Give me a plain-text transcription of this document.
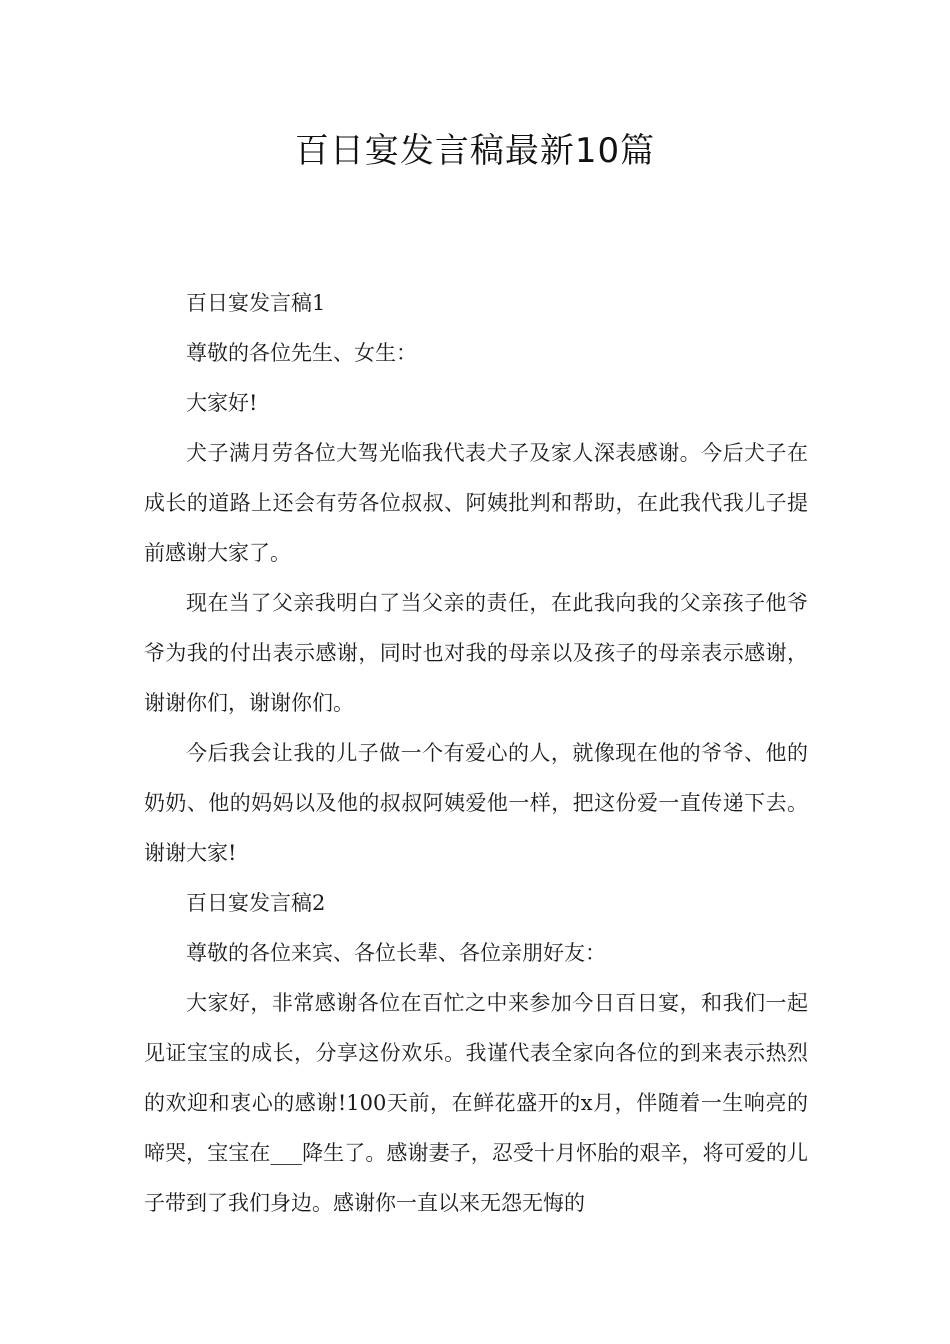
百日宴发言稿最新10篇

百日宴发言稿1

尊敬的各位先生、女生：

大家好!

犬子满月劳各位大驾光临我代表犬子及家人深表感谢。今后犬子在成长的道路上还会有劳各位叔叔、阿姨批判和帮助，在此我代我儿子提前感谢大家了。

现在当了父亲我明白了当父亲的责任，在此我向我的父亲孩子他爷爷为我的付出表示感谢，同时也对我的母亲以及孩子的母亲表示感谢，谢谢你们，谢谢你们。

今后我会让我的儿子做一个有爱心的人，就像现在他的爷爷、他的奶奶、他的妈妈以及他的叔叔阿姨爱他一样，把这份爱一直传递下去。谢谢大家!

百日宴发言稿2

尊敬的各位来宾、各位长辈、各位亲朋好友：

大家好，非常感谢各位在百忙之中来参加今日百日宴，和我们一起见证宝宝的成长，分享这份欢乐。我谨代表全家向各位的到来表示热烈的欢迎和衷心的感谢!100天前，在鲜花盛开的x月，伴随着一生响亮的啼哭，宝宝在___降生了。感谢妻子，忍受十月怀胎的艰辛，将可爱的儿子带到了我们身边。感谢你一直以来无怨无悔的
